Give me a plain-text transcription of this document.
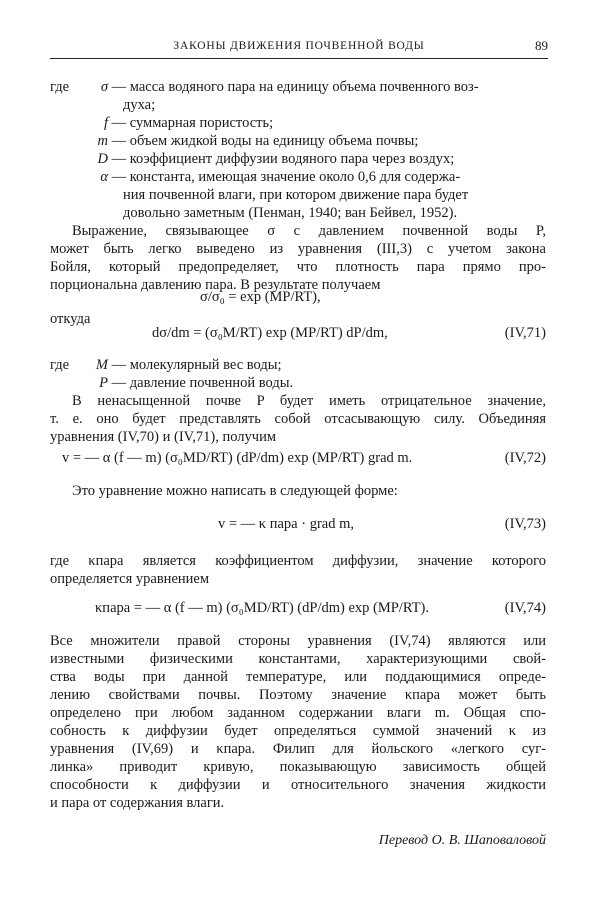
ЗАКОНЫ ДВИЖЕНИЯ ПОЧВЕННОЙ ВОДЫ	89
где σ — масса водяного пара на единицу объема почвенного воз-
духа;
f — суммарная пористость;
m — объем жидкой воды на единицу объема почвы;
D — коэффициент диффузии водяного пара через воздух;
α — константа, имеющая значение около 0,6 для содержа-
ния почвенной влаги, при котором движение пара будет
довольно заметным (Пенман, 1940; ван Бейвел, 1952).
Выражение, связывающее σ с давлением почвенной воды P,
может быть легко выведено из уравнения (III,3) с учетом закона
Бойля, который предопределяет, что плотность пара прямо про-
порциональна давлению пара. В результате получаем
σ/σ₀ = exp (MP/RT),
откуда
dσ/dm = (σ₀M/RT) exp (MP/RT) dP/dm,	(IV,71)
где M — молекулярный вес воды;
P — давление почвенной воды.
В ненасыщенной почве P будет иметь отрицательное значение,
т. е. оно будет представлять собой отсасывающую силу. Объединяя
уравнения (IV,70) и (IV,71), получим
v = — α (f — m) (σ₀MD/RT) (dP/dm) exp (MP/RT) grad m.	(IV,72)
Это уравнение можно написать в следующей форме:
v = — κ пара · grad m,	(IV,73)
где κпара является коэффициентом диффузии, значение которого
определяется уравнением
κпара = — α (f — m) (σ₀MD/RT) (dP/dm) exp (MP/RT).	(IV,74)
Все множители правой стороны уравнения (IV,74) являются или
известными физическими константами, характеризующими свой-
ства воды при данной температуре, или поддающимися опреде-
лению свойствами почвы. Поэтому значение κпара может быть
определено при любом заданном содержании влаги m. Общая спо-
собность к диффузии будет определяться суммой значений κ из
уравнения (IV,69) и κпара. Филип для йольского «легкого суг-
линка» приводит кривую, показывающую зависимость общей
способности к диффузии и относительного значения жидкости
и пара от содержания влаги.
Перевод О. В. Шаповаловой
